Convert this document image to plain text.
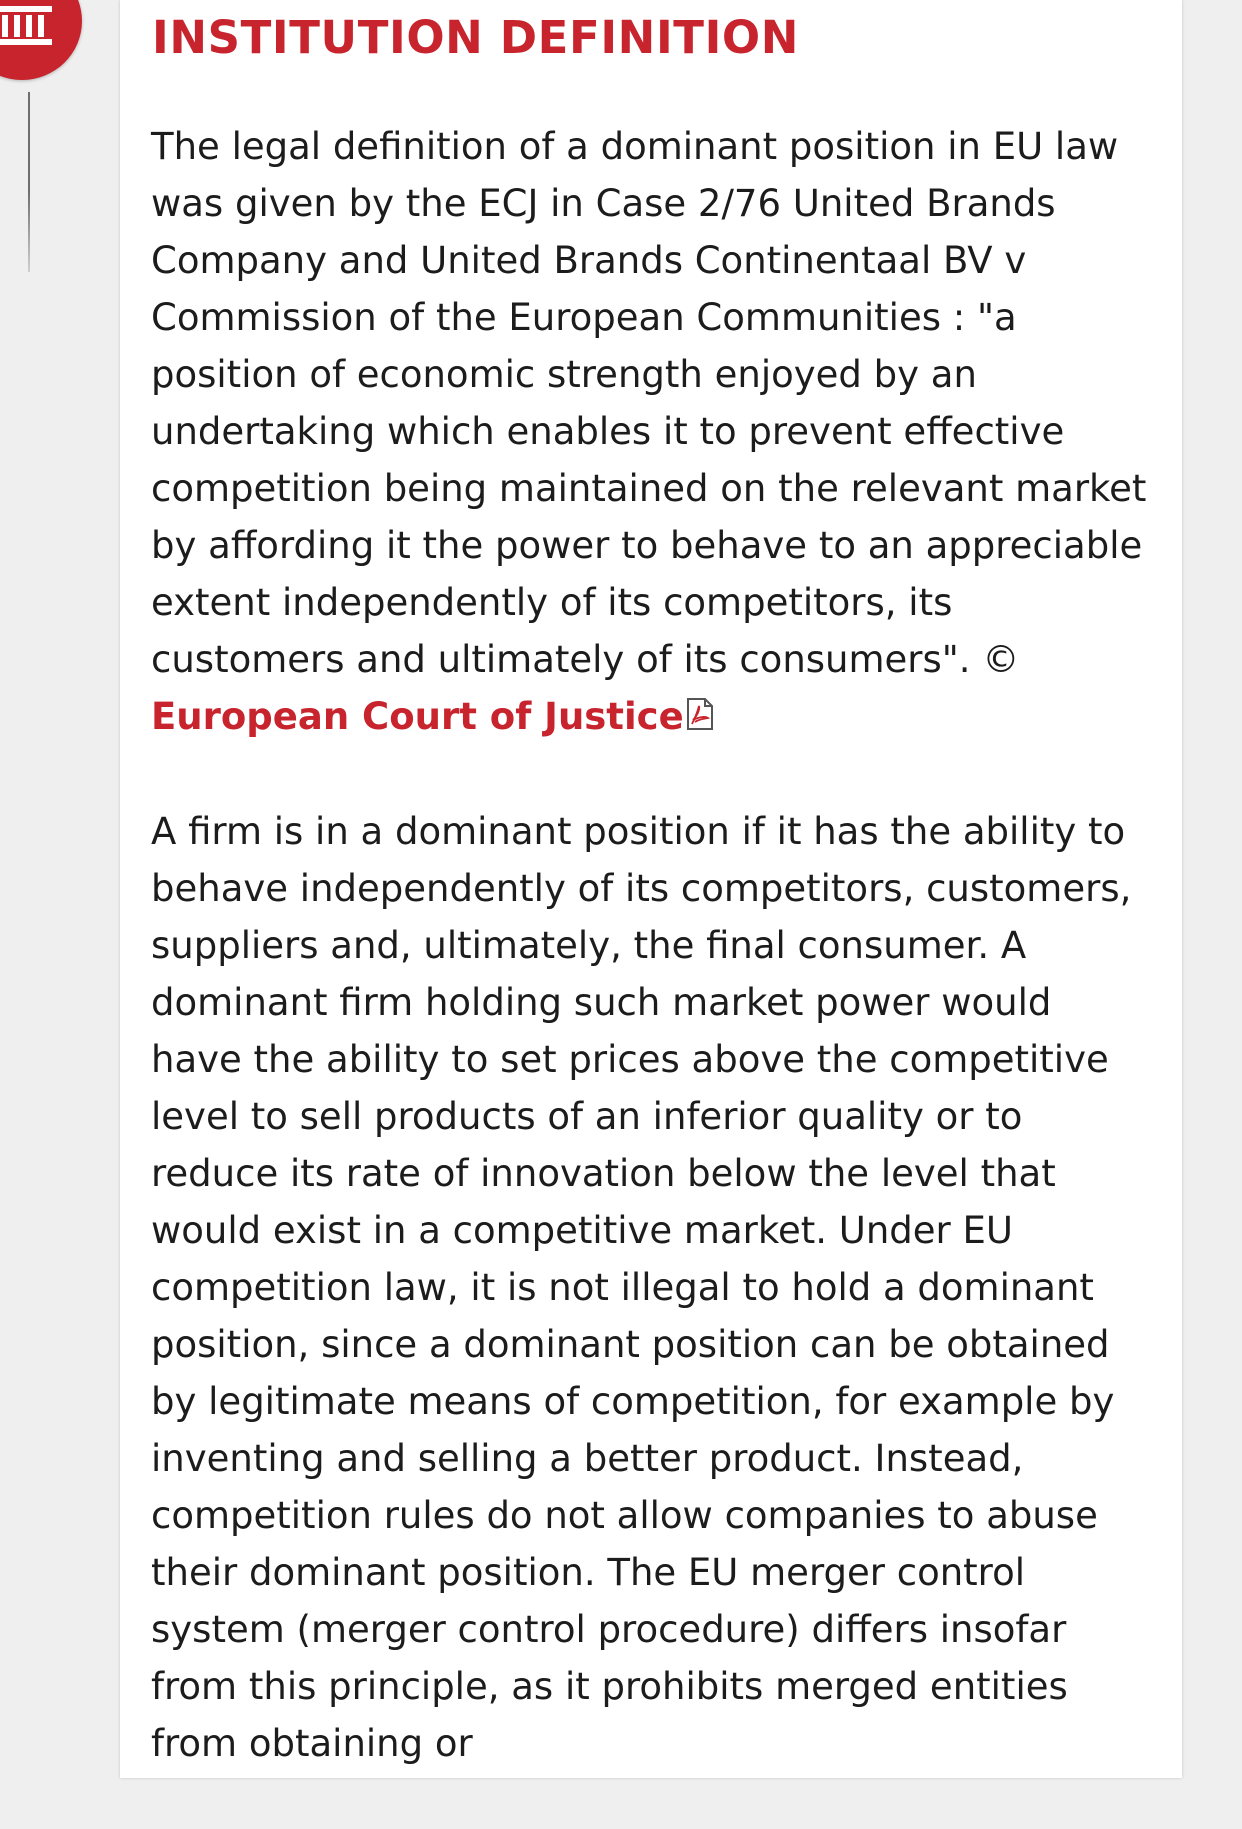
INSTITUTION DEFINITION

The legal definition of a dominant position in EU law was given by the ECJ in Case 2/76 United Brands Company and United Brands Continentaal BV v Commission of the European Communities : "a position of economic strength enjoyed by an undertaking which enables it to prevent effective competition being maintained on the relevant market by affording it the power to behave to an appreciable extent independently of its competitors, its customers and ultimately of its consumers". © European Court of Justice

A firm is in a dominant position if it has the ability to behave independently of its competitors, customers, suppliers and, ultimately, the final consumer. A dominant firm holding such market power would have the ability to set prices above the competitive level to sell products of an inferior quality or to reduce its rate of innovation below the level that would exist in a competitive market. Under EU competition law, it is not illegal to hold a dominant position, since a dominant position can be obtained by legitimate means of competition, for example by inventing and selling a better product. Instead, competition rules do not allow companies to abuse their dominant position. The EU merger control system (merger control procedure) differs insofar from this principle, as it prohibits merged entities from obtaining or
